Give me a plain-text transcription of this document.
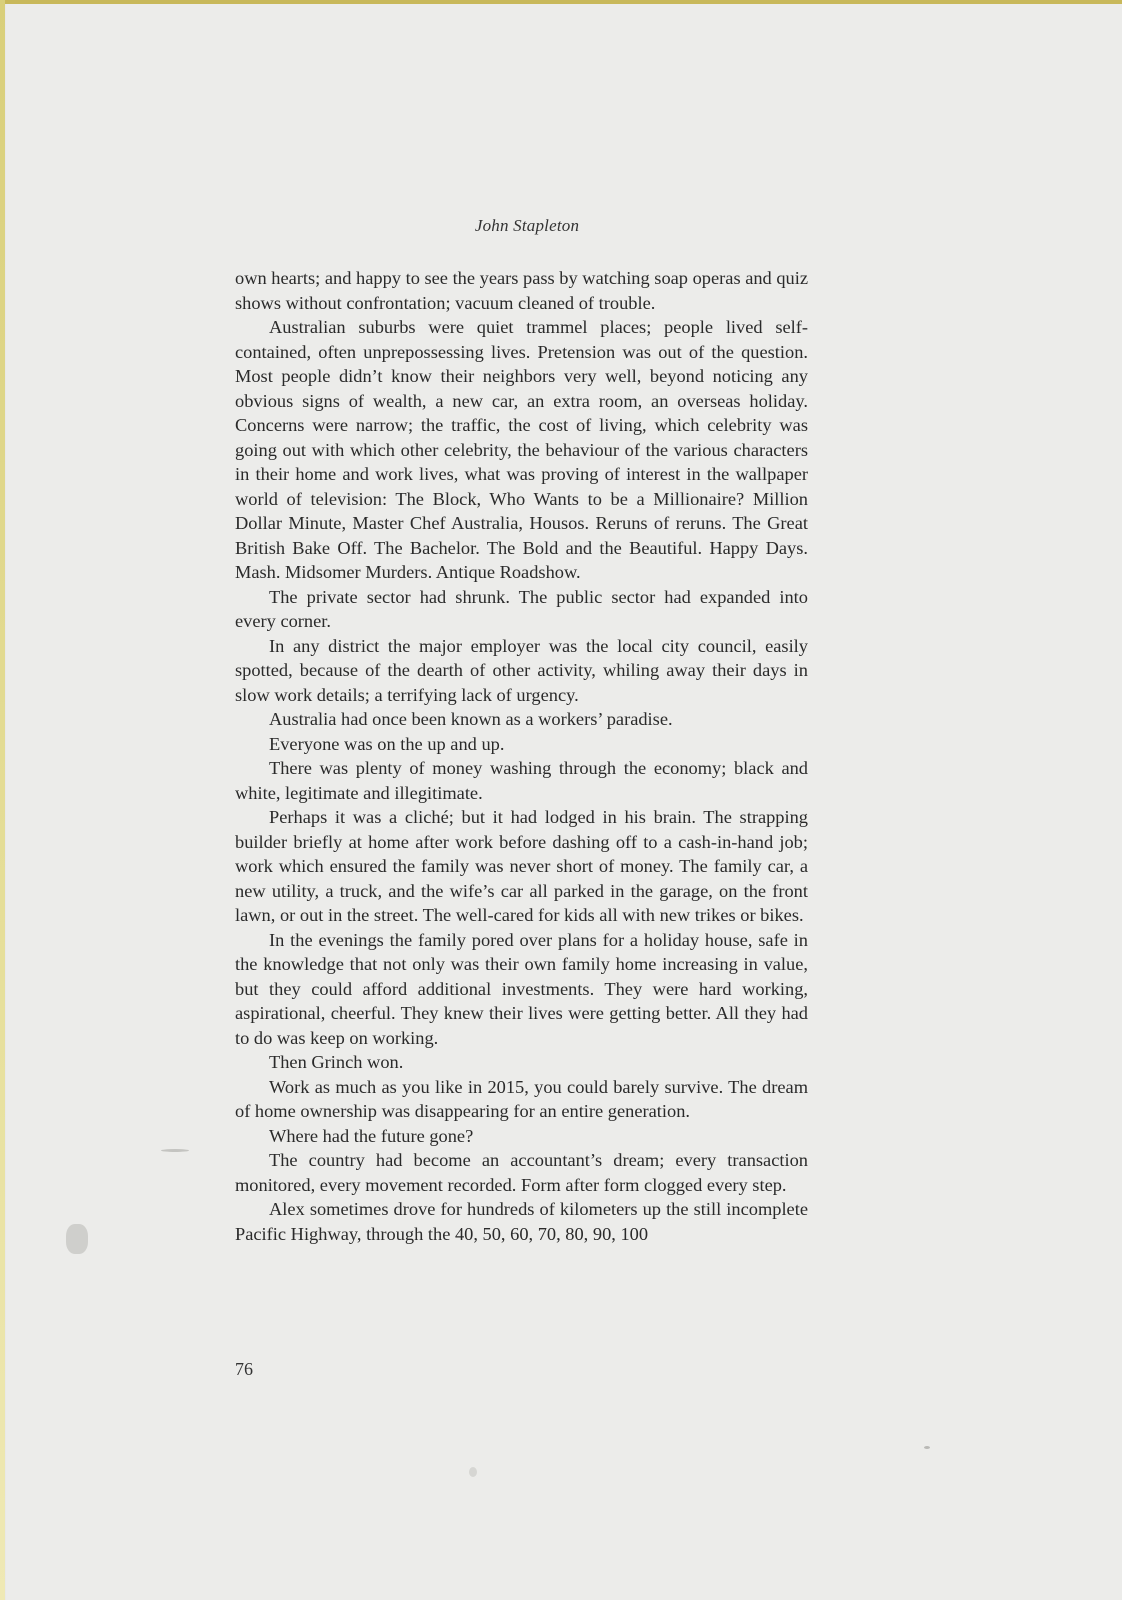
John Stapleton

own hearts; and happy to see the years pass by watching soap operas and quiz shows without confrontation; vacuum cleaned of trouble.

Australian suburbs were quiet trammel places; people lived self-contained, often unprepossessing lives. Pretension was out of the question. Most people didn’t know their neighbors very well, beyond noticing any obvious signs of wealth, a new car, an extra room, an overseas holiday. Concerns were narrow; the traffic, the cost of living, which celebrity was going out with which other celebrity, the behaviour of the various characters in their home and work lives, what was proving of interest in the wallpaper world of television: The Block, Who Wants to be a Millionaire? Million Dollar Minute, Master Chef Australia, Housos. Reruns of reruns. The Great British Bake Off. The Bachelor. The Bold and the Beautiful. Happy Days. Mash. Midsomer Murders. Antique Roadshow.

The private sector had shrunk. The public sector had expanded into every corner.

In any district the major employer was the local city council, easily spotted, because of the dearth of other activity, whiling away their days in slow work details; a terrifying lack of urgency.

Australia had once been known as a workers’ paradise.

Everyone was on the up and up.

There was plenty of money washing through the economy; black and white, legitimate and illegitimate.

Perhaps it was a cliché; but it had lodged in his brain. The strapping builder briefly at home after work before dashing off to a cash-in-hand job; work which ensured the family was never short of money. The family car, a new utility, a truck, and the wife’s car all parked in the garage, on the front lawn, or out in the street. The well-cared for kids all with new trikes or bikes.

In the evenings the family pored over plans for a holiday house, safe in the knowledge that not only was their own family home increasing in value, but they could afford additional investments. They were hard working, aspirational, cheerful. They knew their lives were getting better. All they had to do was keep on working.

Then Grinch won.

Work as much as you like in 2015, you could barely survive. The dream of home ownership was disappearing for an entire generation.

Where had the future gone?

The country had become an accountant’s dream; every transaction monitored, every movement recorded. Form after form clogged every step.

Alex sometimes drove for hundreds of kilometers up the still incomplete Pacific Highway, through the 40, 50, 60, 70, 80, 90, 100

76
